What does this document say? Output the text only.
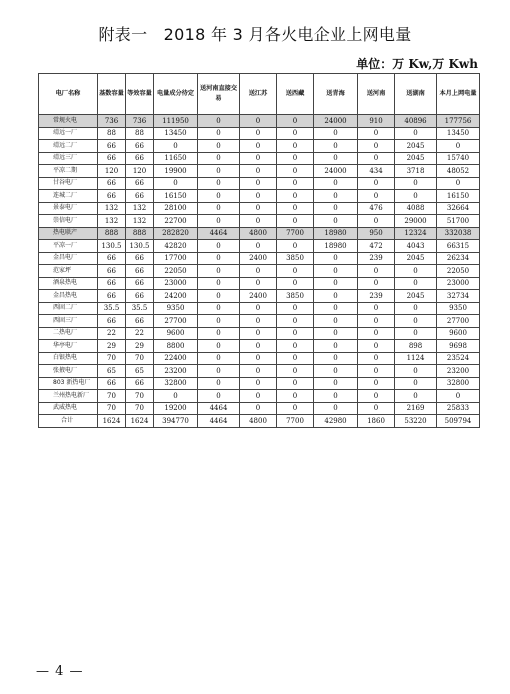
附表一　2018 年 3 月各火电企业上网电量
单位：万 Kw,万 Kwh
电厂名称	基数容量	等效容量	电量成分待定	送河南直接交易	送江苏	送西藏	送青海	送河南	送湖南	本月上网电量
常规火电	736	736	111950	0	0	0	24000	910	40896	177756
靖远一厂	88	88	13450	0	0	0	0	0	0	13450
靖远二厂	66	66	0	0	0	0	0	0	2045	0
靖远三厂	66	66	11650	0	0	0	0	0	2045	15740
平凉二期	120	120	19900	0	0	0	24000	434	3718	48052
甘谷电厂	66	66	0	0	0	0	0	0	0	0
连城二厂	66	66	16150	0	0	0	0	0	0	16150
景泰电厂	132	132	28100	0	0	0	0	476	4088	32664
崇信电厂	132	132	22700	0	0	0	0	0	29000	51700
热电联产	888	888	282820	4464	4800	7700	18980	950	12324	332038
平凉一厂	130.5	130.5	42820	0	0	0	18980	472	4043	66315
金昌电厂	66	66	17700	0	2400	3850	0	239	2045	26234
范家坪	66	66	22050	0	0	0	0	0	0	22050
酒泉热电	66	66	23000	0	0	0	0	0	0	23000
金昌热电	66	66	24200	0	2400	3850	0	239	2045	32734
西固二厂	35.5	35.5	9350	0	0	0	0	0	0	9350
西固三厂	66	66	27700	0	0	0	0	0	0	27700
二热电厂	22	22	9600	0	0	0	0	0	0	9600
华亭电厂	29	29	8800	0	0	0	0	0	898	9698
白银热电	70	70	22400	0	0	0	0	0	1124	23524
张掖电厂	65	65	23200	0	0	0	0	0	0	23200
803 新热电厂	66	66	32800	0	0	0	0	0	0	32800
兰州热电新厂	70	70	0	0	0	0	0	0	0	0
武威热电	70	70	19200	4464	0	0	0	0	2169	25833
合计	1624	1624	394770	4464	4800	7700	42980	1860	53220	509794
— 4 —
